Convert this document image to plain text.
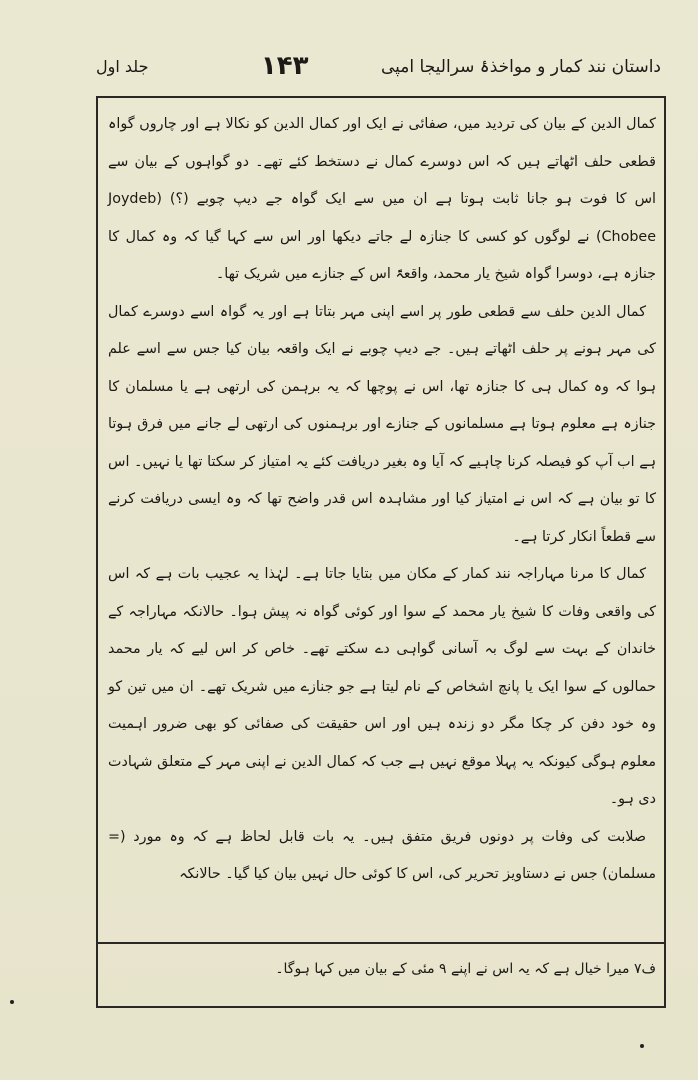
داستان نند کمار و مواخذۂ سرالیجا امپی
۱۴۳
جلد اول

کمال الدین کے بیان کی تردید میں، صفائی نے ایک اور کمال الدین کو نکالا ہے اور چاروں گواہ قطعی حلف اٹھاتے ہیں کہ اس دوسرے کمال نے دستخط کئے تھے۔ دو گواہوں کے بیان سے اس کا فوت ہو جانا ثابت ہوتا ہے ان میں سے ایک گواہ جے دیپ چوبے (؟) (Joydeb Chobee) نے لوگوں کو کسی کا جنازہ لے جاتے دیکھا اور اس سے کہا گیا کہ وہ کمال کا جنازہ ہے، دوسرا گواہ شیخ یار محمد، واقعۃً اس کے جنازے میں شریک تھا۔

کمال الدین حلف سے قطعی طور پر اسے اپنی مہر بتاتا ہے اور یہ گواہ اسے دوسرے کمال کی مہر ہونے پر حلف اٹھاتے ہیں۔ جے دیپ چوبے نے ایک واقعہ بیان کیا جس سے اسے علم ہوا کہ وہ کمال ہی کا جنازہ تھا، اس نے پوچھا کہ یہ برہمن کی ارتھی ہے یا مسلمان کا جنازہ ہے معلوم ہوتا ہے مسلمانوں کے جنازے اور برہمنوں کی ارتھی لے جانے میں فرق ہوتا ہے اب آپ کو فیصلہ کرنا چاہیے کہ آیا وہ بغیر دریافت کئے یہ امتیاز کر سکتا تھا یا نہیں۔ اس کا تو بیان ہے کہ اس نے امتیاز کیا اور مشاہدہ اس قدر واضح تھا کہ وہ ایسی دریافت کرنے سے قطعاً انکار کرتا ہے۔

کمال کا مرنا مہاراجہ نند کمار کے مکان میں بتایا جاتا ہے۔ لہٰذا یہ عجیب بات ہے کہ اس کی واقعی وفات کا شیخ یار محمد کے سوا اور کوئی گواہ نہ پیش ہوا۔ حالانکہ مہاراجہ کے خاندان کے بہت سے لوگ بہ آسانی گواہی دے سکتے تھے۔ خاص کر اس لیے کہ یار محمد حمالوں کے سوا ایک یا پانچ اشخاص کے نام لیتا ہے جو جنازے میں شریک تھے۔ ان میں تین کو وہ خود دفن کر چکا مگر دو زندہ ہیں اور اس حقیقت کی صفائی کو بھی ضرور اہمیت معلوم ہوگی کیونکہ یہ پہلا موقع نہیں ہے جب کہ کمال الدین نے اپنی مہر کے متعلق شہادت دی ہو۔

صلابت کی وفات پر دونوں فریق متفق ہیں۔ یہ بات قابل لحاظ ہے کہ وہ مورد (= مسلمان) جس نے دستاویز تحریر کی، اس کا کوئی حال نہیں بیان کیا گیا۔ حالانکہ

ف۷ میرا خیال ہے کہ یہ اس نے اپنے ۹ مئی کے بیان میں کہا ہوگا۔
